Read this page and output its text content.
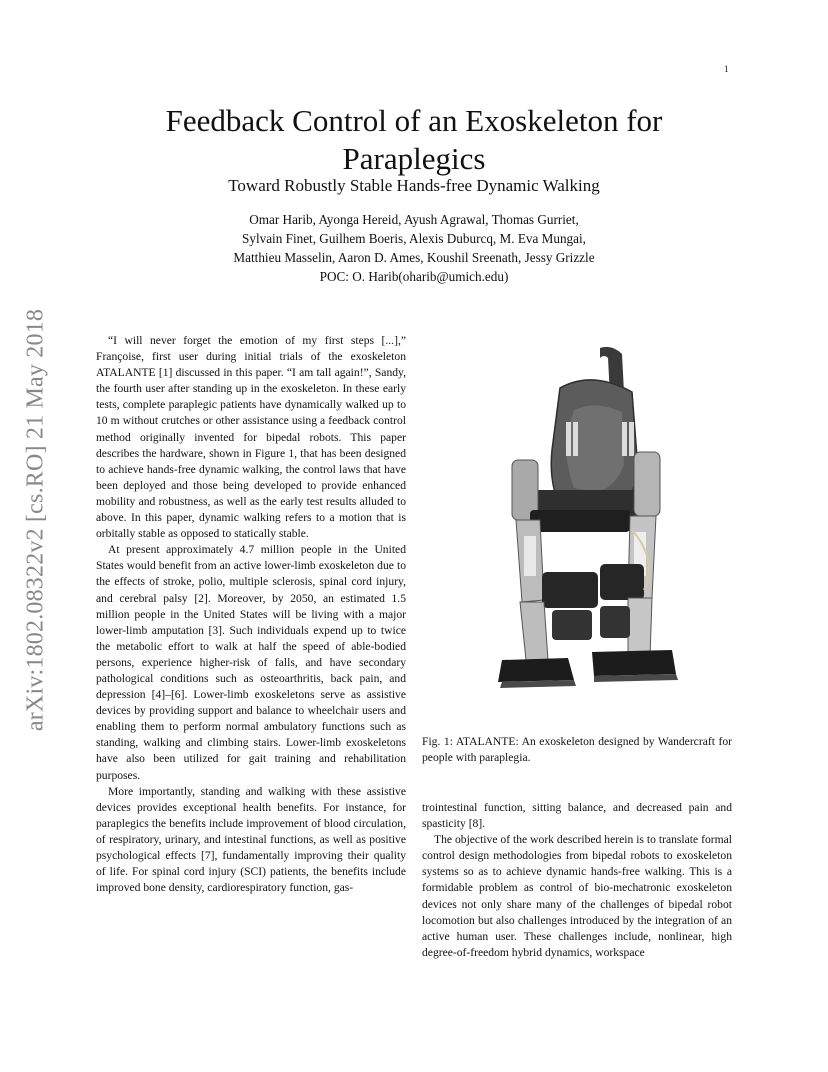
1
arXiv:1802.08322v2 [cs.RO] 21 May 2018
Feedback Control of an Exoskeleton for Paraplegics
Toward Robustly Stable Hands-free Dynamic Walking
Omar Harib, Ayonga Hereid, Ayush Agrawal, Thomas Gurriet,
Sylvain Finet, Guilhem Boeris, Alexis Duburcq, M. Eva Mungai,
Matthieu Masselin, Aaron D. Ames, Koushil Sreenath, Jessy Grizzle
POC: O. Harib(oharib@umich.edu)

“I will never forget the emotion of my first steps [...],” Françoise, first user during initial trials of the exoskeleton ATALANTE [1] discussed in this paper. “I am tall again!”, Sandy, the fourth user after standing up in the exoskeleton. In these early tests, complete paraplegic patients have dynamically walked up to 10 m without crutches or other assistance using a feedback control method originally invented for bipedal robots. This paper describes the hardware, shown in Figure 1, that has been designed to achieve hands-free dynamic walking, the control laws that have been deployed and those being developed to provide enhanced mobility and robustness, as well as the early test results alluded to above. In this paper, dynamic walking refers to a motion that is orbitally stable as opposed to statically stable.

At present approximately 4.7 million people in the United States would benefit from an active lower-limb exoskeleton due to the effects of stroke, polio, multiple sclerosis, spinal cord injury, and cerebral palsy [2]. Moreover, by 2050, an estimated 1.5 million people in the United States will be living with a major lower-limb amputation [3]. Such individuals expend up to twice the metabolic effort to walk at half the speed of able-bodied persons, experience higher-risk of falls, and have secondary pathological conditions such as osteoarthritis, back pain, and depression [4]–[6]. Lower-limb exoskeletons serve as assistive devices by providing support and balance to wheelchair users and enabling them to perform normal ambulatory functions such as standing, walking and climbing stairs. Lower-limb exoskeletons have also been utilized for gait training and rehabilitation purposes.

More importantly, standing and walking with these assistive devices provides exceptional health benefits. For instance, for paraplegics the benefits include improvement of blood circulation, of respiratory, urinary, and intestinal functions, as well as positive psychological effects [7], fundamentally improving their quality of life. For spinal cord injury (SCI) patients, the benefits include improved bone density, cardiorespiratory function, gas-

Fig. 1: ATALANTE: An exoskeleton designed by Wandercraft for people with paraplegia.

trointestinal function, sitting balance, and decreased pain and spasticity [8].

The objective of the work described herein is to translate formal control design methodologies from bipedal robots to exoskeleton systems so as to achieve dynamic hands-free walking. This is a formidable problem as control of bio-mechatronic exoskeleton devices not only share many of the challenges of bipedal robot locomotion but also challenges introduced by the integration of an active human user. These challenges include, nonlinear, high degree-of-freedom hybrid dynamics, workspace
